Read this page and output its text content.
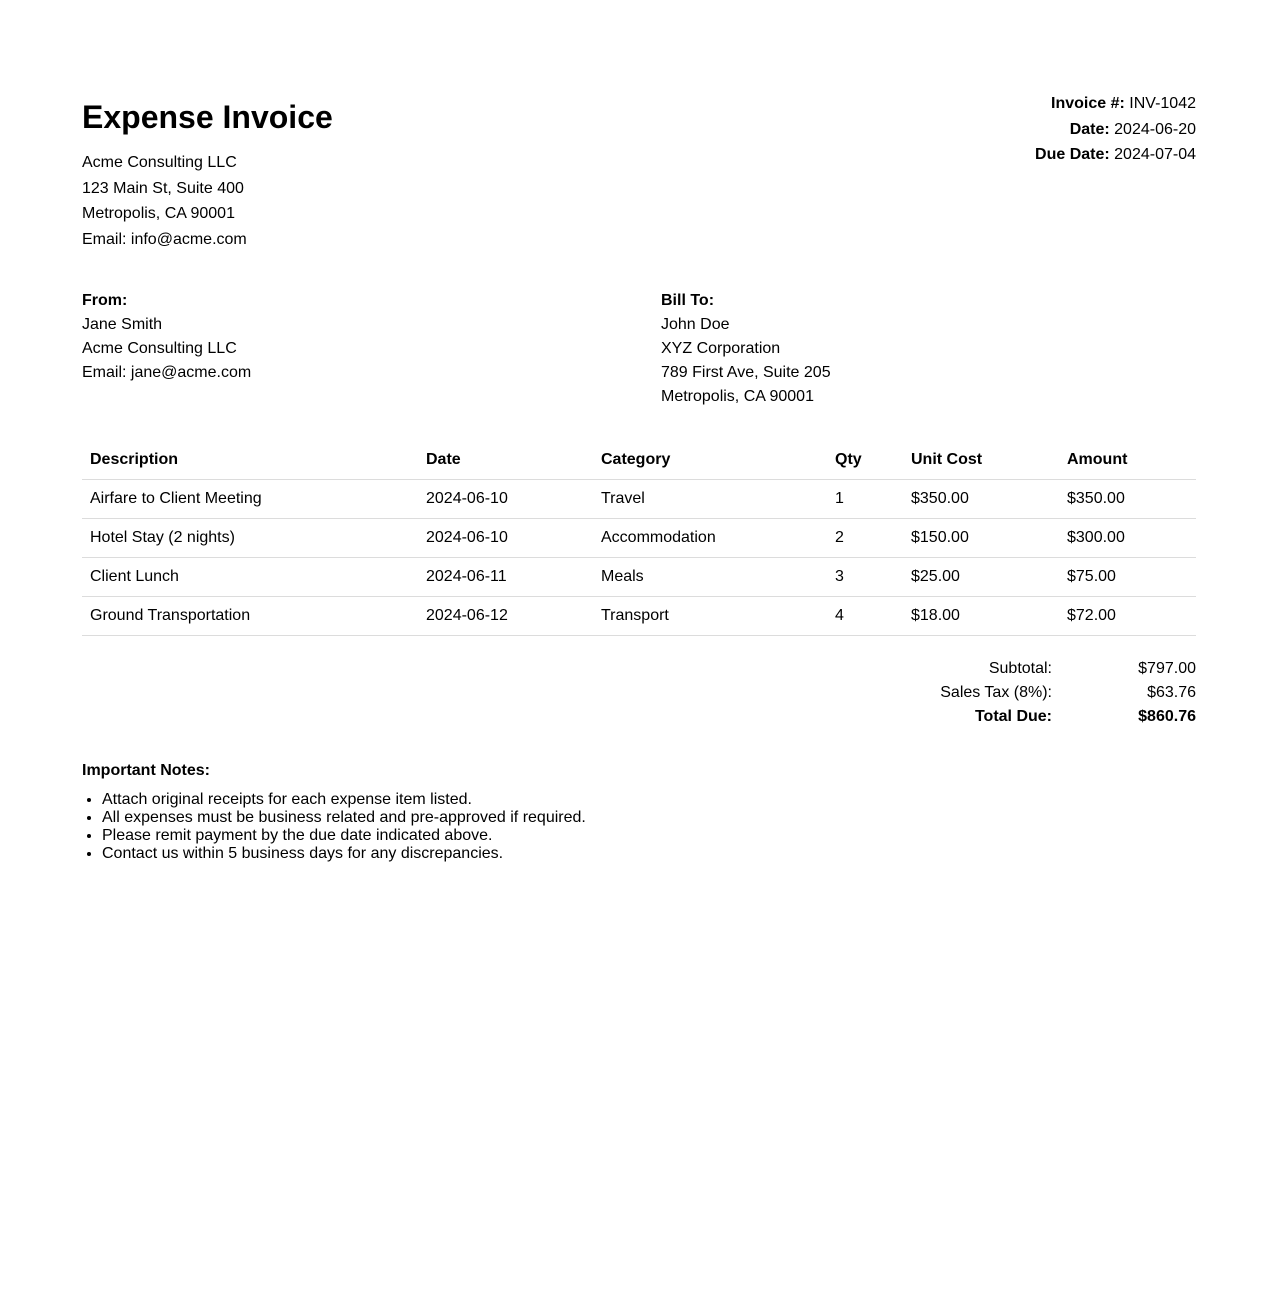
Expense Invoice
Acme Consulting LLC
123 Main St, Suite 400
Metropolis, CA 90001
Email: info@acme.com
Invoice #: INV-1042
Date: 2024-06-20
Due Date: 2024-07-04
From:
Jane Smith
Acme Consulting LLC
Email: jane@acme.com
Bill To:
John Doe
XYZ Corporation
789 First Ave, Suite 205
Metropolis, CA 90001
Description	Date	Category	Qty	Unit Cost	Amount
Airfare to Client Meeting	2024-06-10	Travel	1	$350.00	$350.00
Hotel Stay (2 nights)	2024-06-10	Accommodation	2	$150.00	$300.00
Client Lunch	2024-06-11	Meals	3	$25.00	$75.00
Ground Transportation	2024-06-12	Transport	4	$18.00	$72.00
Subtotal:	$797.00
Sales Tax (8%):	$63.76
Total Due:	$860.76

Important Notes:

• Attach original receipts for each expense item listed.
• All expenses must be business related and pre-approved if required.
• Please remit payment by the due date indicated above.
• Contact us within 5 business days for any discrepancies.
